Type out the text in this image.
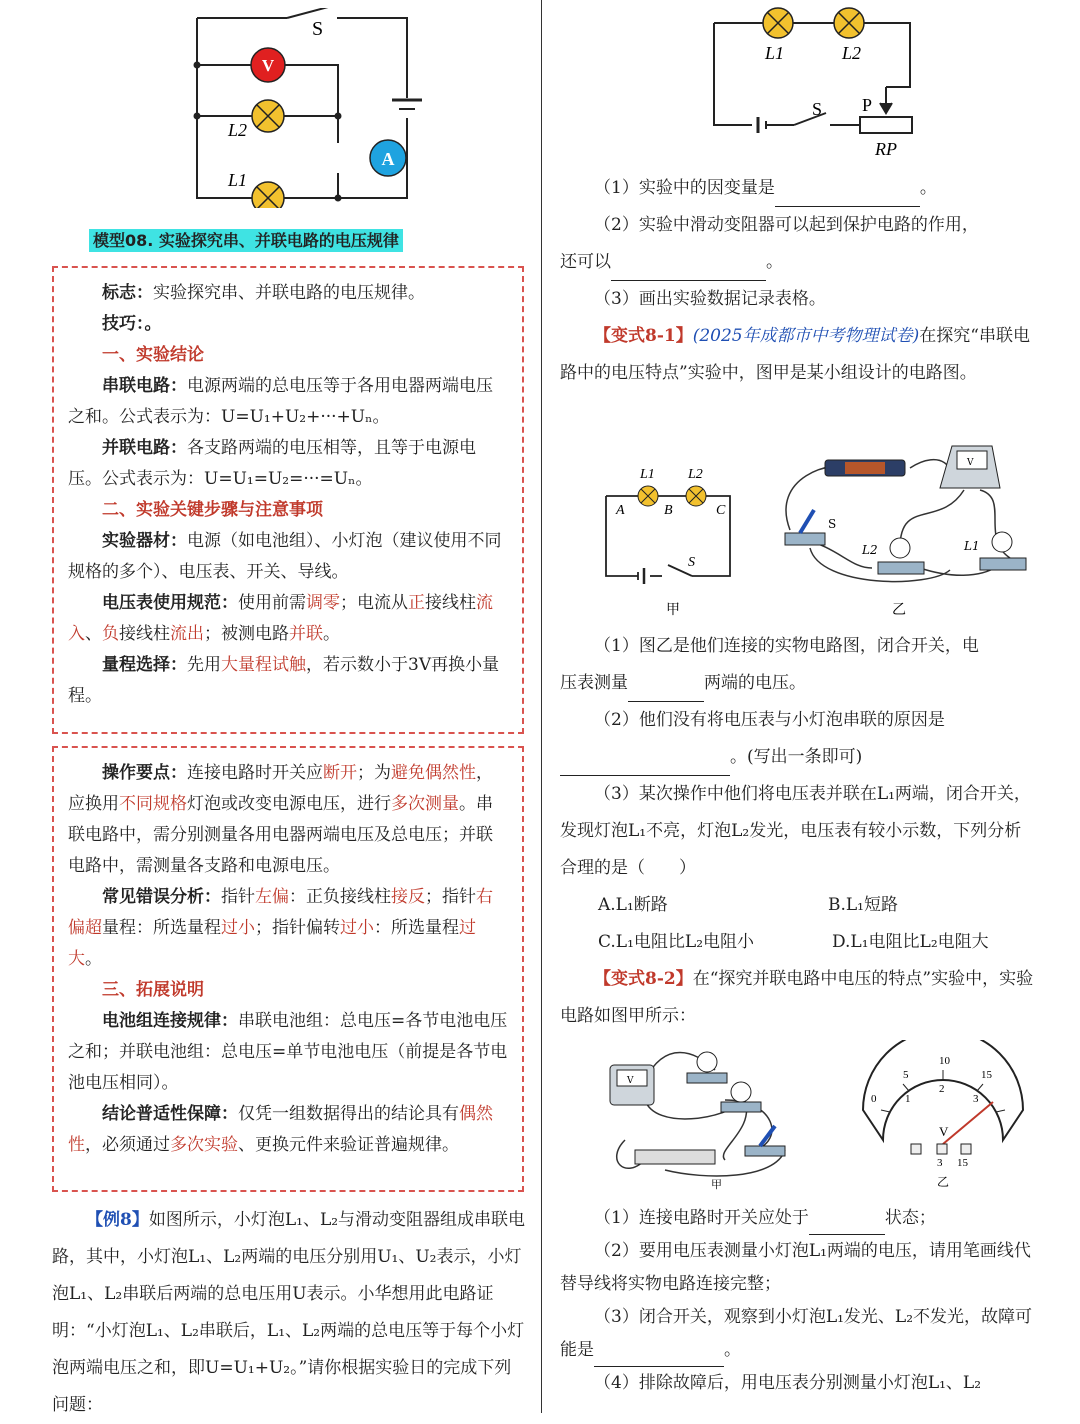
V
A
S
L2
L1
模型08. 实验探究串、并联电路的电压规律

标志：实验探究串、并联电路的电压规律。

技巧：。

一、实验结论

串联电路：电源两端的总电压等于各用电器两端电压之和。公式表示为：U=U₁+U₂+···+Uₙ。

并联电路：各支路两端的电压相等，且等于电源电压。公式表示为：U=U₁=U₂=···=Uₙ。

二、实验关键步骤与注意事项

实验器材：电源（如电池组）、小灯泡（建议使用不同规格的多个）、电压表、开关、导线。

电压表使用规范：使用前需调零；电流从正接线柱流入、负接线柱流出；被测电路并联。

量程选择：先用大量程试触，若示数小于3V再换小量程。

操作要点：连接电路时开关应断开；为避免偶然性，应换用不同规格灯泡或改变电源电压，进行多次测量。串联电路中，需分别测量各用电器两端电压及总电压；并联电路中，需测量各支路和电源电压。

常见错误分析：指针左偏：正负接线柱接反；指针右偏超量程：所选量程过小；指针偏转过小：所选量程过大。

三、拓展说明

电池组连接规律：串联电池组：总电压=各节电池电压之和；并联电池组：总电压=单节电池电压（前提是各节电池电压相同）。

结论普适性保障：仅凭一组数据得出的结论具有偶然性，必须通过多次实验、更换元件来验证普遍规律。

【例8】如图所示，小灯泡L₁、L₂与滑动变阻器组成串联电路，其中，小灯泡L₁、L₂两端的电压分别用U₁、U₂表示，小灯泡L₁、L₂串联后两端的总电压用U表示。小华想用此电路证明：“小灯泡L₁、L₂串联后，L₁、L₂两端的总电压等于每个小灯泡两端电压之和，即U=U₁+U₂。”请你根据实验日的完成下列问题：

L1	L2
S P
RP

（1）实验中的因变量是	。

（2）实验中滑动变阻器可以起到保护电路的作用，

还可以	。

（3）画出实验数据记录表格。

【变式8-1】(2025年成都市中考物理试卷)在探究“串联电路中的电压特点”实验中，图甲是某小组设计的电路图。

L1 L2
A	B	C
S
甲	乙
V
S
L2	L1

（1）图乙是他们连接的实物电路图，闭合开关，电

压表测量	两端的电压。

（2）他们没有将电压表与小灯泡串联的原因是

。(写出一条即可)

（3）某次操作中他们将电压表并联在L₁两端，闭合开关，发现灯泡L₁不亮，灯泡L₂发光，电压表有较小示数，下列分析合理的是（　　）

A.L₁断路	B.L₁短路
C.L₁电阻比L₂电阻小	D.L₁电阻比L₂电阻大

【变式8-2】在“探究并联电路中电压的特点”实验中，实验电路如图甲所示：

V
甲
0
5
10
15
1
2
3
V
3 15
乙

（1）连接电路时开关应处于	状态；

（2）要用电压表测量小灯泡L₁两端的电压，请用笔画线代替导线将实物电路连接完整；

（3）闭合开关，观察到小灯泡L₁发光、L₂不发光，故障可能是	。

（4）排除故障后，用电压表分别测量小灯泡L₁、L₂
